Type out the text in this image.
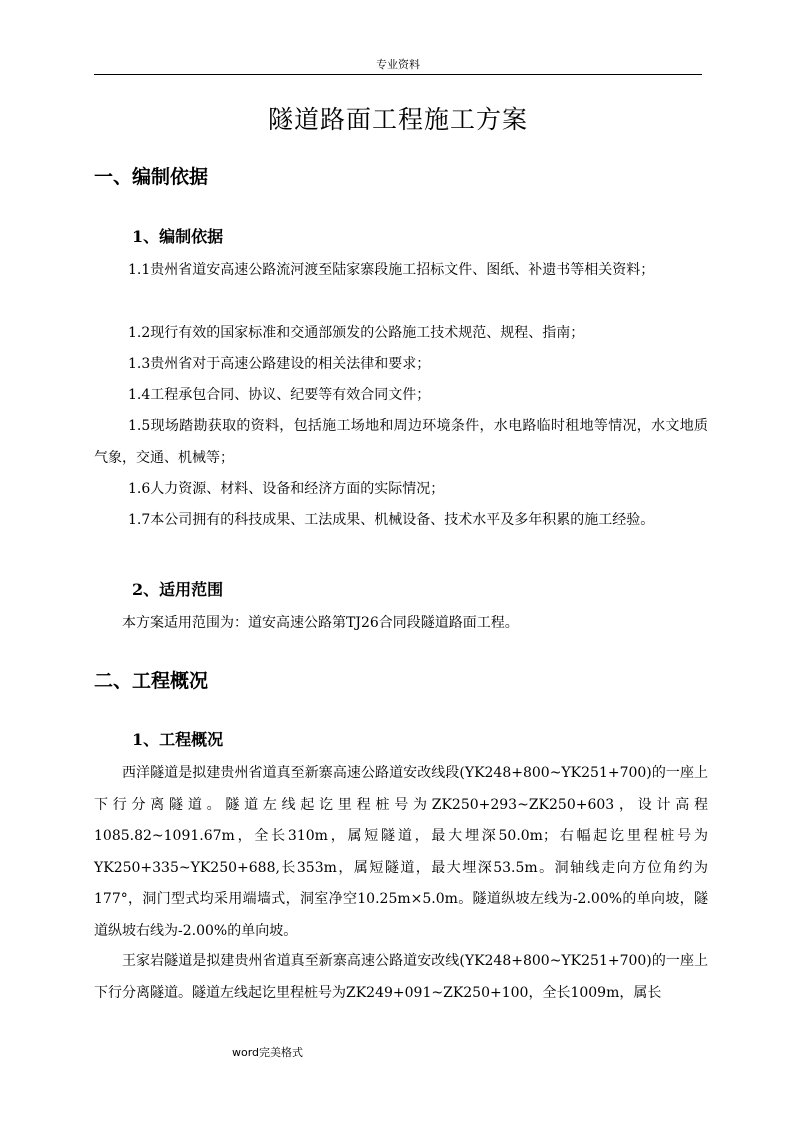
专业资料
隧道路面工程施工方案
一、编制依据
1、编制依据
1.1贵州省道安高速公路流河渡至陆家寨段施工招标文件、图纸、补遗书等相关资料；
1.2现行有效的国家标准和交通部颁发的公路施工技术规范、规程、指南；
1.3贵州省对于高速公路建设的相关法律和要求；
1.4工程承包合同、协议、纪要等有效合同文件；
1.5现场踏勘获取的资料，包括施工场地和周边环境条件，水电路临时租地等情况，水文地质气象，交通、机械等；
1.6人力资源、材料、设备和经济方面的实际情况；
1.7本公司拥有的科技成果、工法成果、机械设备、技术水平及多年积累的施工经验。
2、适用范围
本方案适用范围为：道安高速公路第TJ26合同段隧道路面工程。
二、工程概况
1、工程概况
西洋隧道是拟建贵州省道真至新寨高速公路道安改线段(YK248+800~YK251+700)的一座上下行分离隧道。隧道左线起讫里程桩号为ZK250+293~ZK250+603，设计高程1085.82~1091.67m，全长310m，属短隧道，最大埋深50.0m；右幅起讫里程桩号为YK250+335~YK250+688,长353m，属短隧道，最大埋深53.5m。洞轴线走向方位角约为177°，洞门型式均采用端墙式，洞室净空10.25m×5.0m。隧道纵坡左线为-2.00%的单向坡，隧道纵坡右线为-2.00%的单向坡。
王家岩隧道是拟建贵州省道真至新寨高速公路道安改线(YK248+800~YK251+700)的一座上下行分离隧道。隧道左线起讫里程桩号为ZK249+091~ZK250+100，全长1009m，属长
word完美格式
